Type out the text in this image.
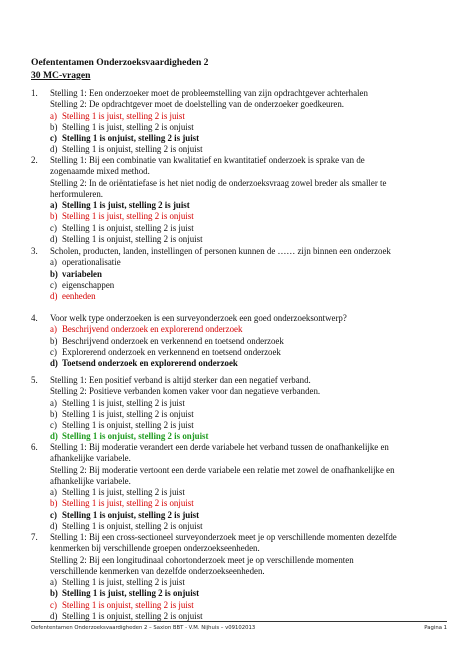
Oefententamen Onderzoeksvaardigheden 2
30 MC-vragen
1. Stelling 1: Een onderzoeker moet de probleemstelling van zijn opdrachtgever achterhalen
Stelling 2: De opdrachtgever moet de doelstelling van de onderzoeker goedkeuren.
a) Stelling 1 is juist, stelling 2 is juist
b) Stelling 1 is juist, stelling 2 is onjuist
c) Stelling 1 is onjuist, stelling 2 is juist
d) Stelling 1 is onjuist, stelling 2 is onjuist
2. Stelling 1: Bij een combinatie van kwalitatief en kwantitatief onderzoek is sprake van de
zogenaamde mixed method.
Stelling 2: In de oriëntatiefase is het niet nodig de onderzoeksvraag zowel breder als smaller te
herformuleren.
a) Stelling 1 is juist, stelling 2 is juist
b) Stelling 1 is juist, stelling 2 is onjuist
c) Stelling 1 is onjuist, stelling 2 is juist
d) Stelling 1 is onjuist, stelling 2 is onjuist
3. Scholen, producten, landen, instellingen of personen kunnen de …… zijn binnen een onderzoek
a) operationalisatie
b) variabelen
c) eigenschappen
d) eenheden
4. Voor welk type onderzoeken is een surveyonderzoek een goed onderzoeksontwerp?
a) Beschrijvend onderzoek en explorerend onderzoek
b) Beschrijvend onderzoek en verkennend en toetsend onderzoek
c) Explorerend onderzoek en verkennend en toetsend onderzoek
d) Toetsend onderzoek en explorerend onderzoek
5. Stelling 1: Een positief verband is altijd sterker dan een negatief verband.
Stelling 2: Positieve verbanden komen vaker voor dan negatieve verbanden.
a) Stelling 1 is juist, stelling 2 is juist
b) Stelling 1 is juist, stelling 2 is onjuist
c) Stelling 1 is onjuist, stelling 2 is juist
d) Stelling 1 is onjuist, stelling 2 is onjuist
6. Stelling 1: Bij moderatie verandert een derde variabele het verband tussen de onafhankelijke en
afhankelijke variabele.
Stelling 2: Bij moderatie vertoont een derde variabele een relatie met zowel de onafhankelijke en
afhankelijke variabele.
a) Stelling 1 is juist, stelling 2 is juist
b) Stelling 1 is juist, stelling 2 is onjuist
c) Stelling 1 is onjuist, stelling 2 is juist
d) Stelling 1 is onjuist, stelling 2 is onjuist
7. Stelling 1: Bij een cross-sectioneel surveyonderzoek meet je op verschillende momenten dezelfde
kenmerken bij verschillende groepen onderzoekseenheden.
Stelling 2: Bij een longitudinaal cohortonderzoek meet je op verschillende momenten
verschillende kenmerken van dezelfde onderzoekseenheden.
a) Stelling 1 is juist, stelling 2 is juist
b) Stelling 1 is juist, stelling 2 is onjuist
c) Stelling 1 is onjuist, stelling 2 is juist
d) Stelling 1 is onjuist, stelling 2 is onjuist
Oefententamen Onderzoeksvaardigheden 2 – Saxion BBT - V.M. Nijhuis – v09102013	Pagina 1
